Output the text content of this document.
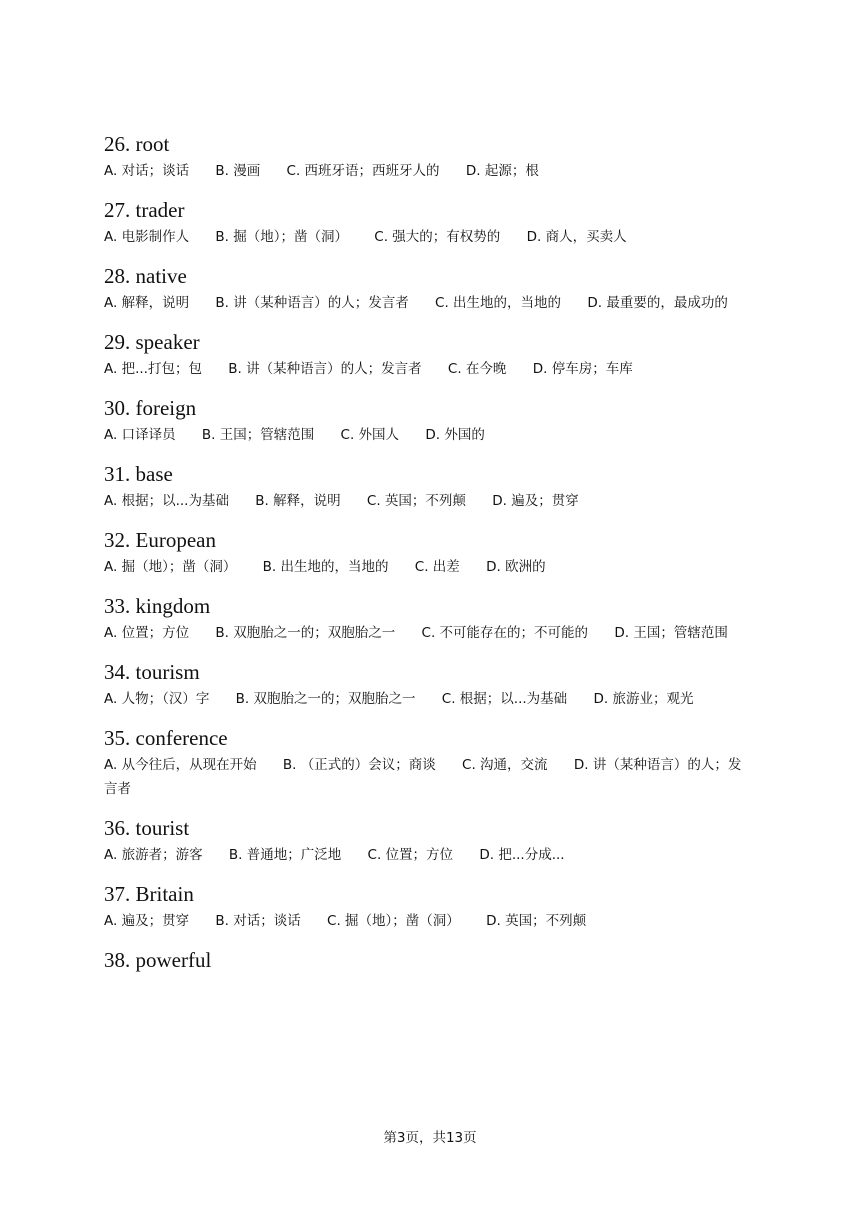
26. root
A. 对话；谈话 B. 漫画 C. 西班牙语；西班牙人的 D. 起源；根
27. trader
A. 电影制作人 B. 掘（地）；凿（洞） C. 强大的；有权势的 D. 商人，买卖人
28. native
A. 解释，说明 B. 讲（某种语言）的人；发言者 C. 出生地的，当地的 D. 最重要的，最成功的
29. speaker
A. 把...打包；包 B. 讲（某种语言）的人；发言者 C. 在今晚 D. 停车房；车库
30. foreign
A. 口译译员 B. 王国；管辖范围 C. 外国人 D. 外国的
31. base
A. 根据；以...为基础 B. 解释，说明 C. 英国；不列颠 D. 遍及；贯穿
32. European
A. 掘（地）；凿（洞） B. 出生地的，当地的 C. 出差 D. 欧洲的
33. kingdom
A. 位置；方位 B. 双胞胎之一的；双胞胎之一 C. 不可能存在的；不可能的 D. 王国；管辖范围
34. tourism
A. 人物；（汉）字 B. 双胞胎之一的；双胞胎之一 C. 根据；以...为基础 D. 旅游业；观光
35. conference
A. 从今往后，从现在开始 B. （正式的）会议；商谈 C. 沟通，交流 D. 讲（某种语言）的人；发言者
36. tourist
A. 旅游者；游客 B. 普通地；广泛地 C. 位置；方位 D. 把...分成...
37. Britain
A. 遍及；贯穿 B. 对话；谈话 C. 掘（地）；凿（洞） D. 英国；不列颠
38. powerful
第3页，共13页
